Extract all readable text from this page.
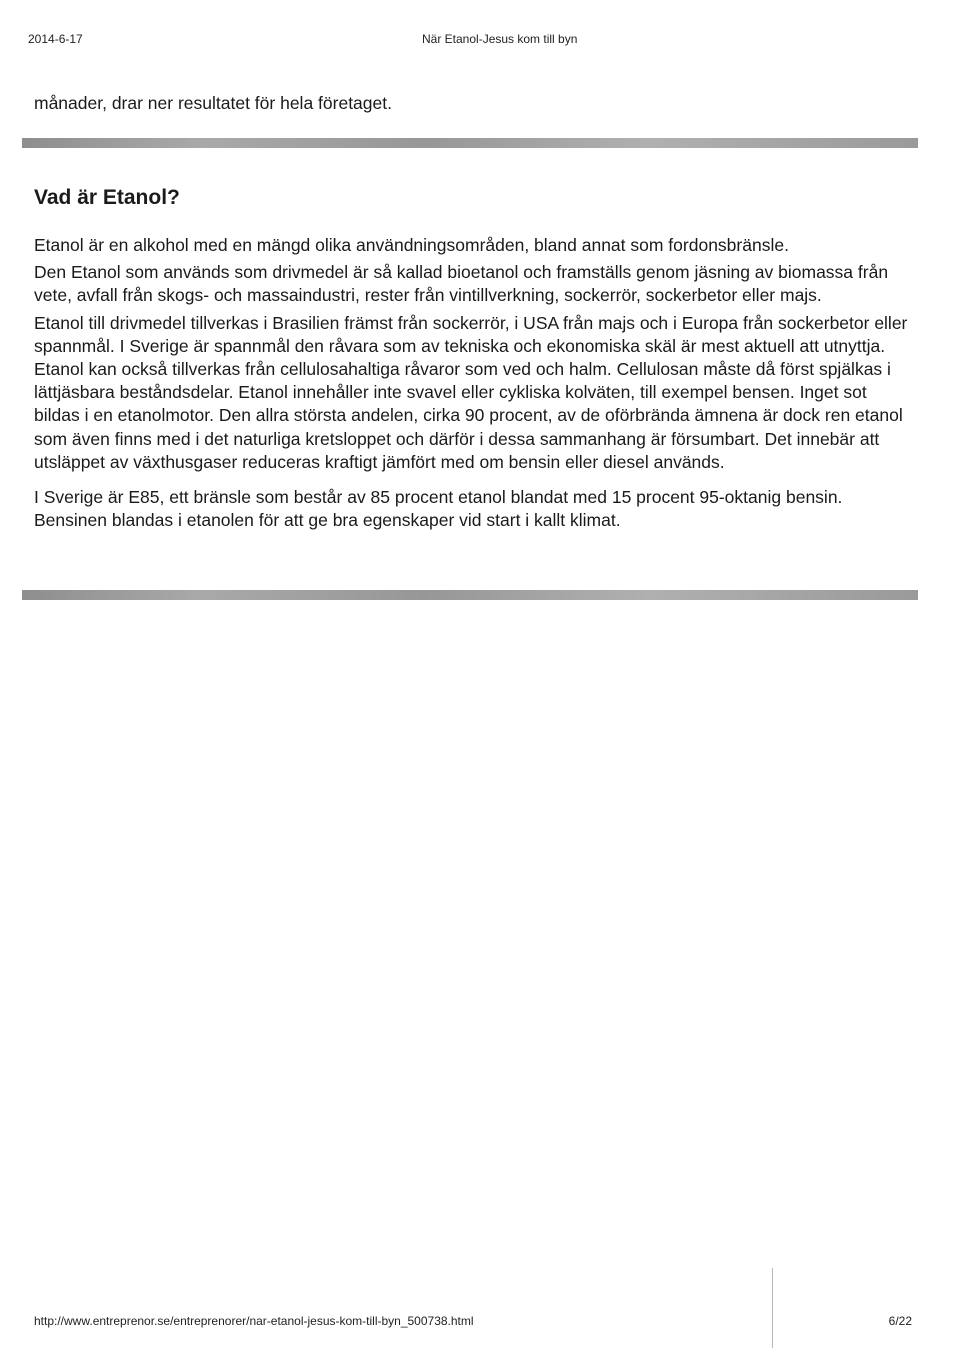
2014-6-17	När Etanol-Jesus kom till byn

månader, drar ner resultatet för hela företaget.

Vad är Etanol?

Etanol är en alkohol med en mängd olika användningsområden, bland annat som fordonsbränsle.

Den Etanol som används som drivmedel är så kallad bioetanol och framställs genom jäsning av biomassa från vete, avfall från skogs- och massaindustri, rester från vintillverkning, sockerrör, sockerbetor eller majs.

Etanol till drivmedel tillverkas i Brasilien främst från sockerrör, i USA från majs och i Europa från sockerbetor eller spannmål. I Sverige är spannmål den råvara som av tekniska och ekonomiska skäl är mest aktuell att utnyttja. Etanol kan också tillverkas från cellulosahaltiga råvaror som ved och halm. Cellulosan måste då först spjälkas i lättjäsbara beståndsdelar. Etanol innehåller inte svavel eller cykliska kolväten, till exempel bensen. Inget sot bildas i en etanolmotor. Den allra största andelen, cirka 90 procent, av de oförbrända ämnena är dock ren etanol som även finns med i det naturliga kretsloppet och därför i dessa sammanhang är försumbart. Det innebär att utsläppet av växthusgaser reduceras kraftigt jämfört med om bensin eller diesel används.

I Sverige är E85, ett bränsle som består av 85 procent etanol blandat med 15 procent 95-oktanig bensin. Bensinen blandas i etanolen för att ge bra egenskaper vid start i kallt klimat.

http://www.entreprenor.se/entreprenorer/nar-etanol-jesus-kom-till-byn_500738.html	6/22
